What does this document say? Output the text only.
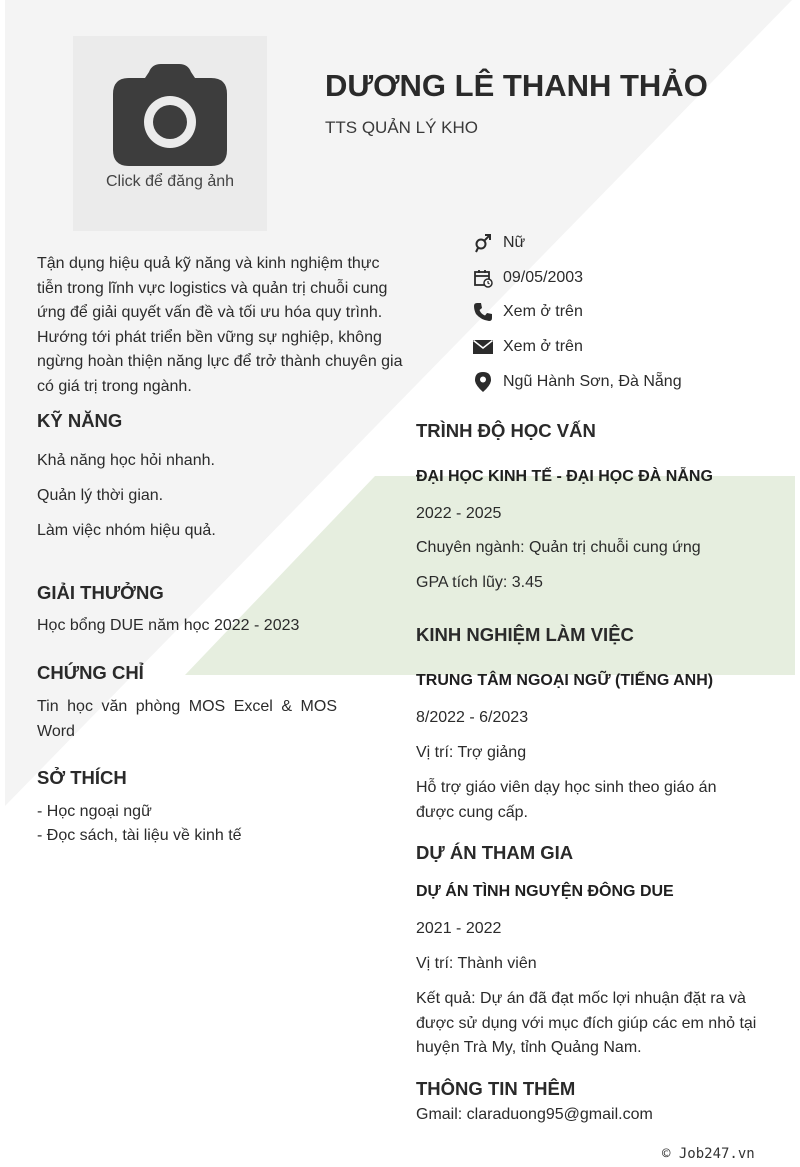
Click để đăng ảnh
DƯƠNG LÊ THANH THẢO
TTS QUẢN LÝ KHO
Tận dụng hiệu quả kỹ năng và kinh nghiệm thực tiễn trong lĩnh vực logistics và quản trị chuỗi cung ứng để giải quyết vấn đề và tối ưu hóa quy trình. Hướng tới phát triển bền vững sự nghiệp, không ngừng hoàn thiện năng lực để trở thành chuyên gia có giá trị trong ngành.
Nữ
09/05/2003
Xem ở trên
Xem ở trên
Ngũ Hành Sơn, Đà Nẵng
KỸ NĂNG
Khả năng học hỏi nhanh.
Quản lý thời gian.
Làm việc nhóm hiệu quả.
GIẢI THƯỞNG
Học bổng DUE năm học 2022 - 2023
CHỨNG CHỈ
Tin học văn phòng MOS Excel & MOS Word
SỞ THÍCH
- Học ngoại ngữ
- Đọc sách, tài liệu về kinh tế
TRÌNH ĐỘ HỌC VẤN
ĐẠI HỌC KINH TẾ - ĐẠI HỌC ĐÀ NẴNG
2022 - 2025
Chuyên ngành: Quản trị chuỗi cung ứng
GPA tích lũy: 3.45
KINH NGHIỆM LÀM VIỆC
TRUNG TÂM NGOẠI NGỮ (TIẾNG ANH)
8/2022 - 6/2023
Vị trí: Trợ giảng
Hỗ trợ giáo viên dạy học sinh theo giáo án được cung cấp.
DỰ ÁN THAM GIA
DỰ ÁN TÌNH NGUYỆN ĐÔNG DUE
2021 - 2022
Vị trí: Thành viên
Kết quả: Dự án đã đạt mốc lợi nhuận đặt ra và được sử dụng với mục đích giúp các em nhỏ tại huyện Trà My, tỉnh Quảng Nam.
THÔNG TIN THÊM
Gmail: claraduong95@gmail.com
© Job247.vn
